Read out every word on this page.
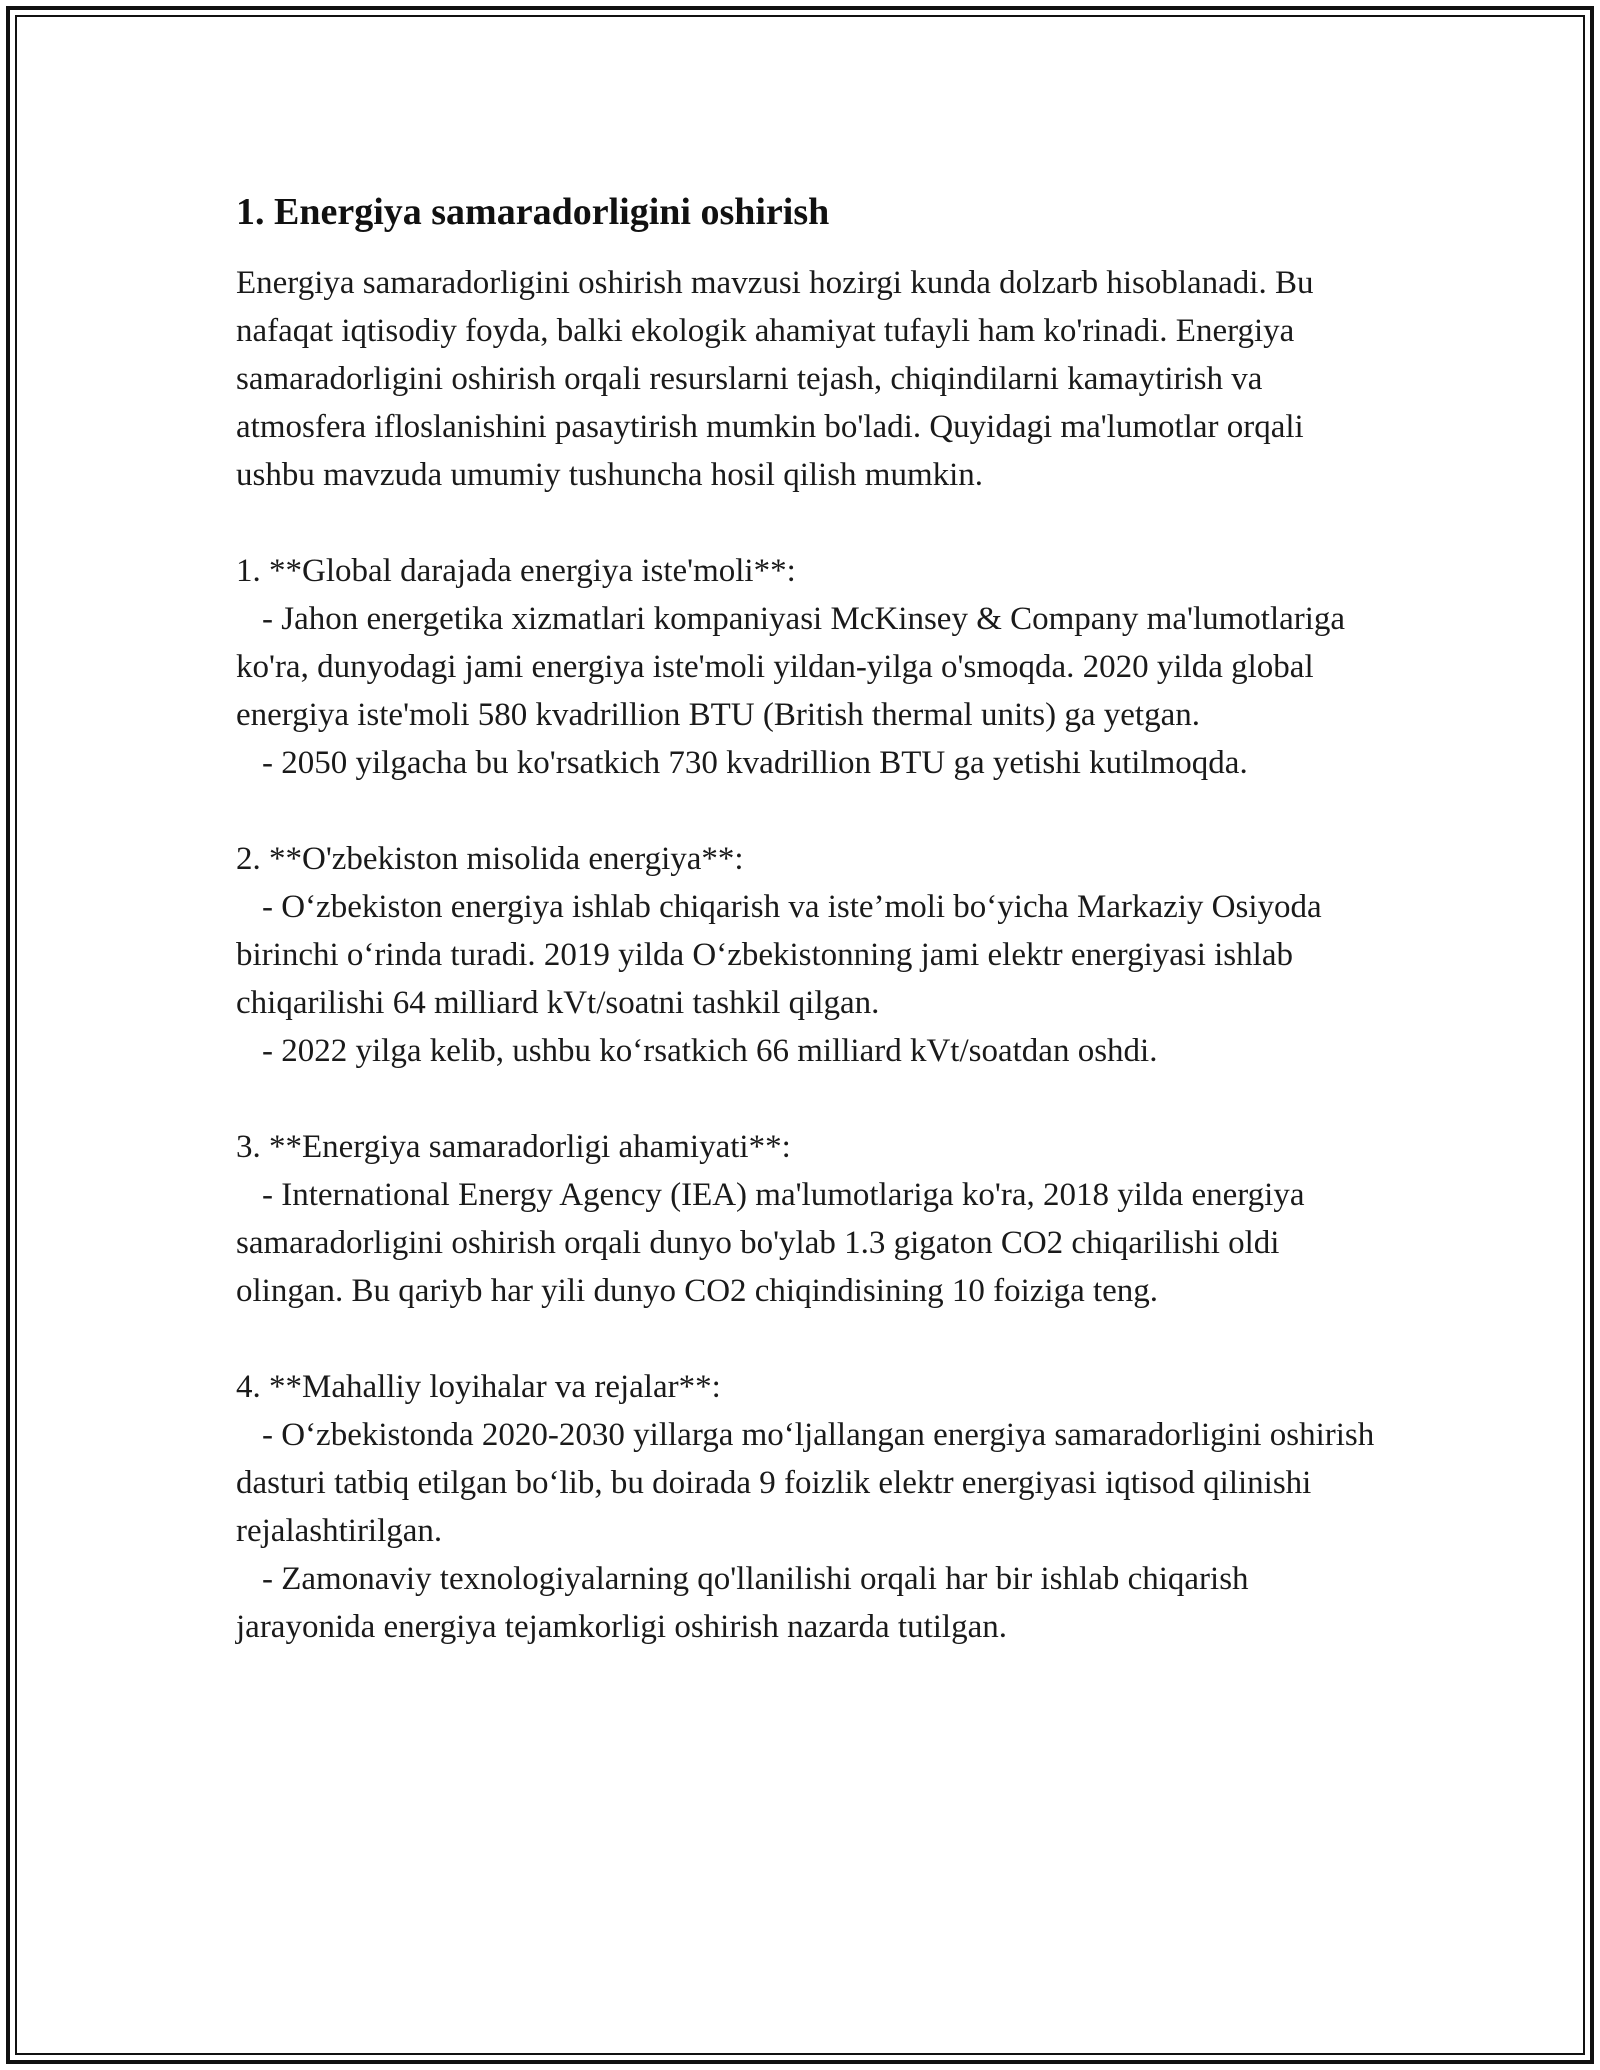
1. Energiya samaradorligini oshirish

Energiya samaradorligini oshirish mavzusi hozirgi kunda dolzarb hisoblanadi. Bu nafaqat iqtisodiy foyda, balki ekologik ahamiyat tufayli ham ko'rinadi. Energiya samaradorligini oshirish orqali resurslarni tejash, chiqindilarni kamaytirish va atmosfera ifloslanishini pasaytirish mumkin bo'ladi. Quyidagi ma'lumotlar orqali ushbu mavzuda umumiy tushuncha hosil qilish mumkin.

1. **Global darajada energiya iste'moli**:

- Jahon energetika xizmatlari kompaniyasi McKinsey & Company ma'lumotlariga ko'ra, dunyodagi jami energiya iste'moli yildan-yilga o'smoqda. 2020 yilda global energiya iste'moli 580 kvadrillion BTU (British thermal units) ga yetgan.

- 2050 yilgacha bu ko'rsatkich 730 kvadrillion BTU ga yetishi kutilmoqda.

2. **O'zbekiston misolida energiya**:

- O‘zbekiston energiya ishlab chiqarish va iste’moli bo‘yicha Markaziy Osiyoda birinchi o‘rinda turadi. 2019 yilda O‘zbekistonning jami elektr energiyasi ishlab chiqarilishi 64 milliard kVt/soatni tashkil qilgan.

- 2022 yilga kelib, ushbu ko‘rsatkich 66 milliard kVt/soatdan oshdi.

3. **Energiya samaradorligi ahamiyati**:

- International Energy Agency (IEA) ma'lumotlariga ko'ra, 2018 yilda energiya samaradorligini oshirish orqali dunyo bo'ylab 1.3 gigaton CO2 chiqarilishi oldi olingan. Bu qariyb har yili dunyo CO2 chiqindisining 10 foiziga teng.

4. **Mahalliy loyihalar va rejalar**:

- O‘zbekistonda 2020-2030 yillarga mo‘ljallangan energiya samaradorligini oshirish dasturi tatbiq etilgan bo‘lib, bu doirada 9 foizlik elektr energiyasi iqtisod qilinishi rejalashtirilgan.

- Zamonaviy texnologiyalarning qo'llanilishi orqali har bir ishlab chiqarish jarayonida energiya tejamkorligi oshirish nazarda tutilgan.
